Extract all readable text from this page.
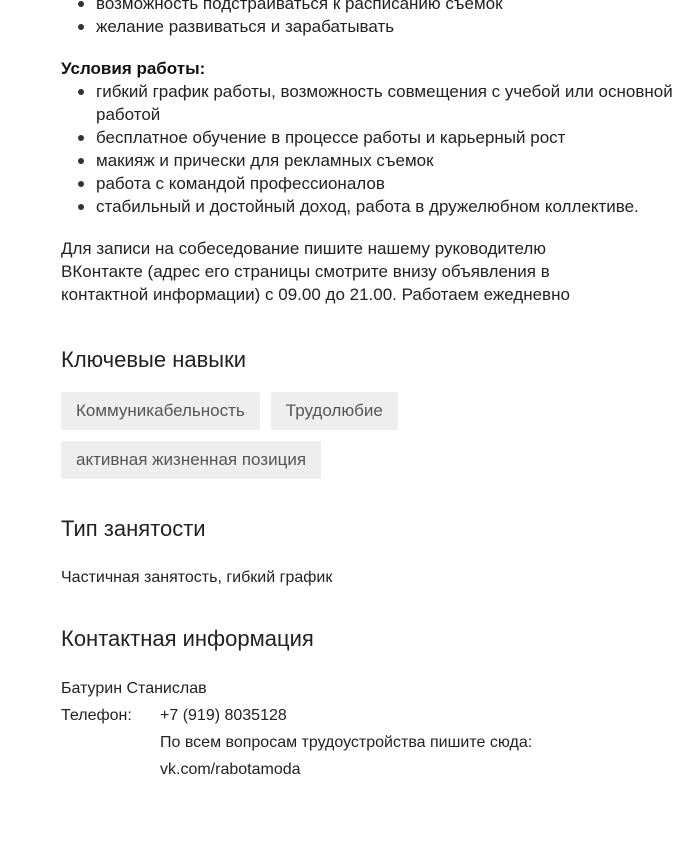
возможность подстраиваться к расписанию съемок
желание развиваться и зарабатывать
Условия работы:
гибкий график работы, возможность совмещения с учебой или основной работой
бесплатное обучение в процессе работы и карьерный рост
макияж и прически для рекламных съемок
работа с командой профессионалов
стабильный и достойный доход, работа в дружелюбном коллективе.
Для записи на собеседование пишите нашему руководителю ВКонтакте (адрес его страницы смотрите внизу объявления в контактной информации) с 09.00 до 21.00. Работаем ежедневно
Ключевые навыки
Коммуникабельность	Трудолюбие
активная жизненная позиция
Тип занятости
Частичная занятость, гибкий график
Контактная информация
Батурин Станислав
Телефон:	+7 (919) 8035128
По всем вопросам трудоустройства пишите сюда:
vk.com/rabotamoda
